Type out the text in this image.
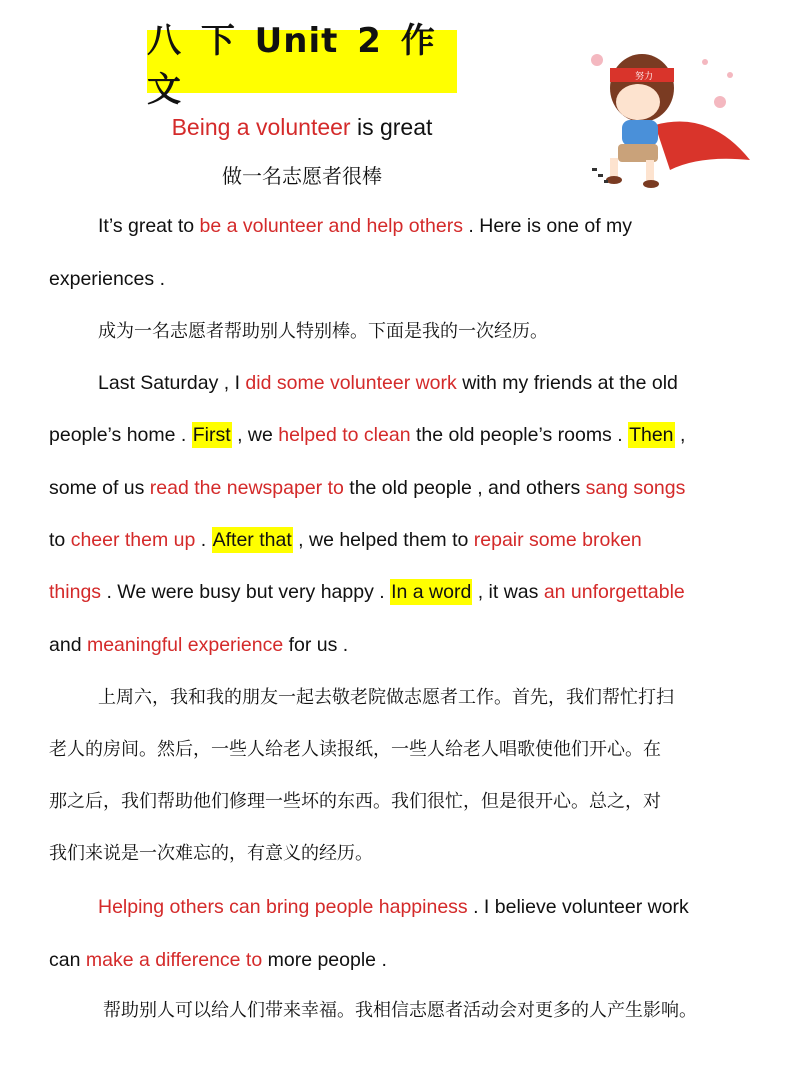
八 下 Unit 2 作 文
Being a volunteer is great
做一名志愿者很棒
努力
It’s great to be a volunteer and help others . Here is one of my
experiences .
成为一名志愿者帮助别人特别棒。下面是我的一次经历。
Last Saturday , I did some volunteer work with my friends at the old
people’s home . First , we helped to clean the old people’s rooms . Then ,
some of us read the newspaper to the old people , and others sang songs
to cheer them up . After that , we helped them to repair some broken
things . We were busy but very happy . In a word , it was an unforgettable
and meaningful experience for us .
上周六，我和我的朋友一起去敬老院做志愿者工作。首先，我们帮忙打扫
老人的房间。然后，一些人给老人读报纸，一些人给老人唱歌使他们开心。在
那之后，我们帮助他们修理一些坏的东西。我们很忙，但是很开心。总之，对
我们来说是一次难忘的，有意义的经历。
Helping others can bring people happiness . I believe volunteer work
can make a difference to more people .
帮助别人可以给人们带来幸福。我相信志愿者活动会对更多的人产生影响。
